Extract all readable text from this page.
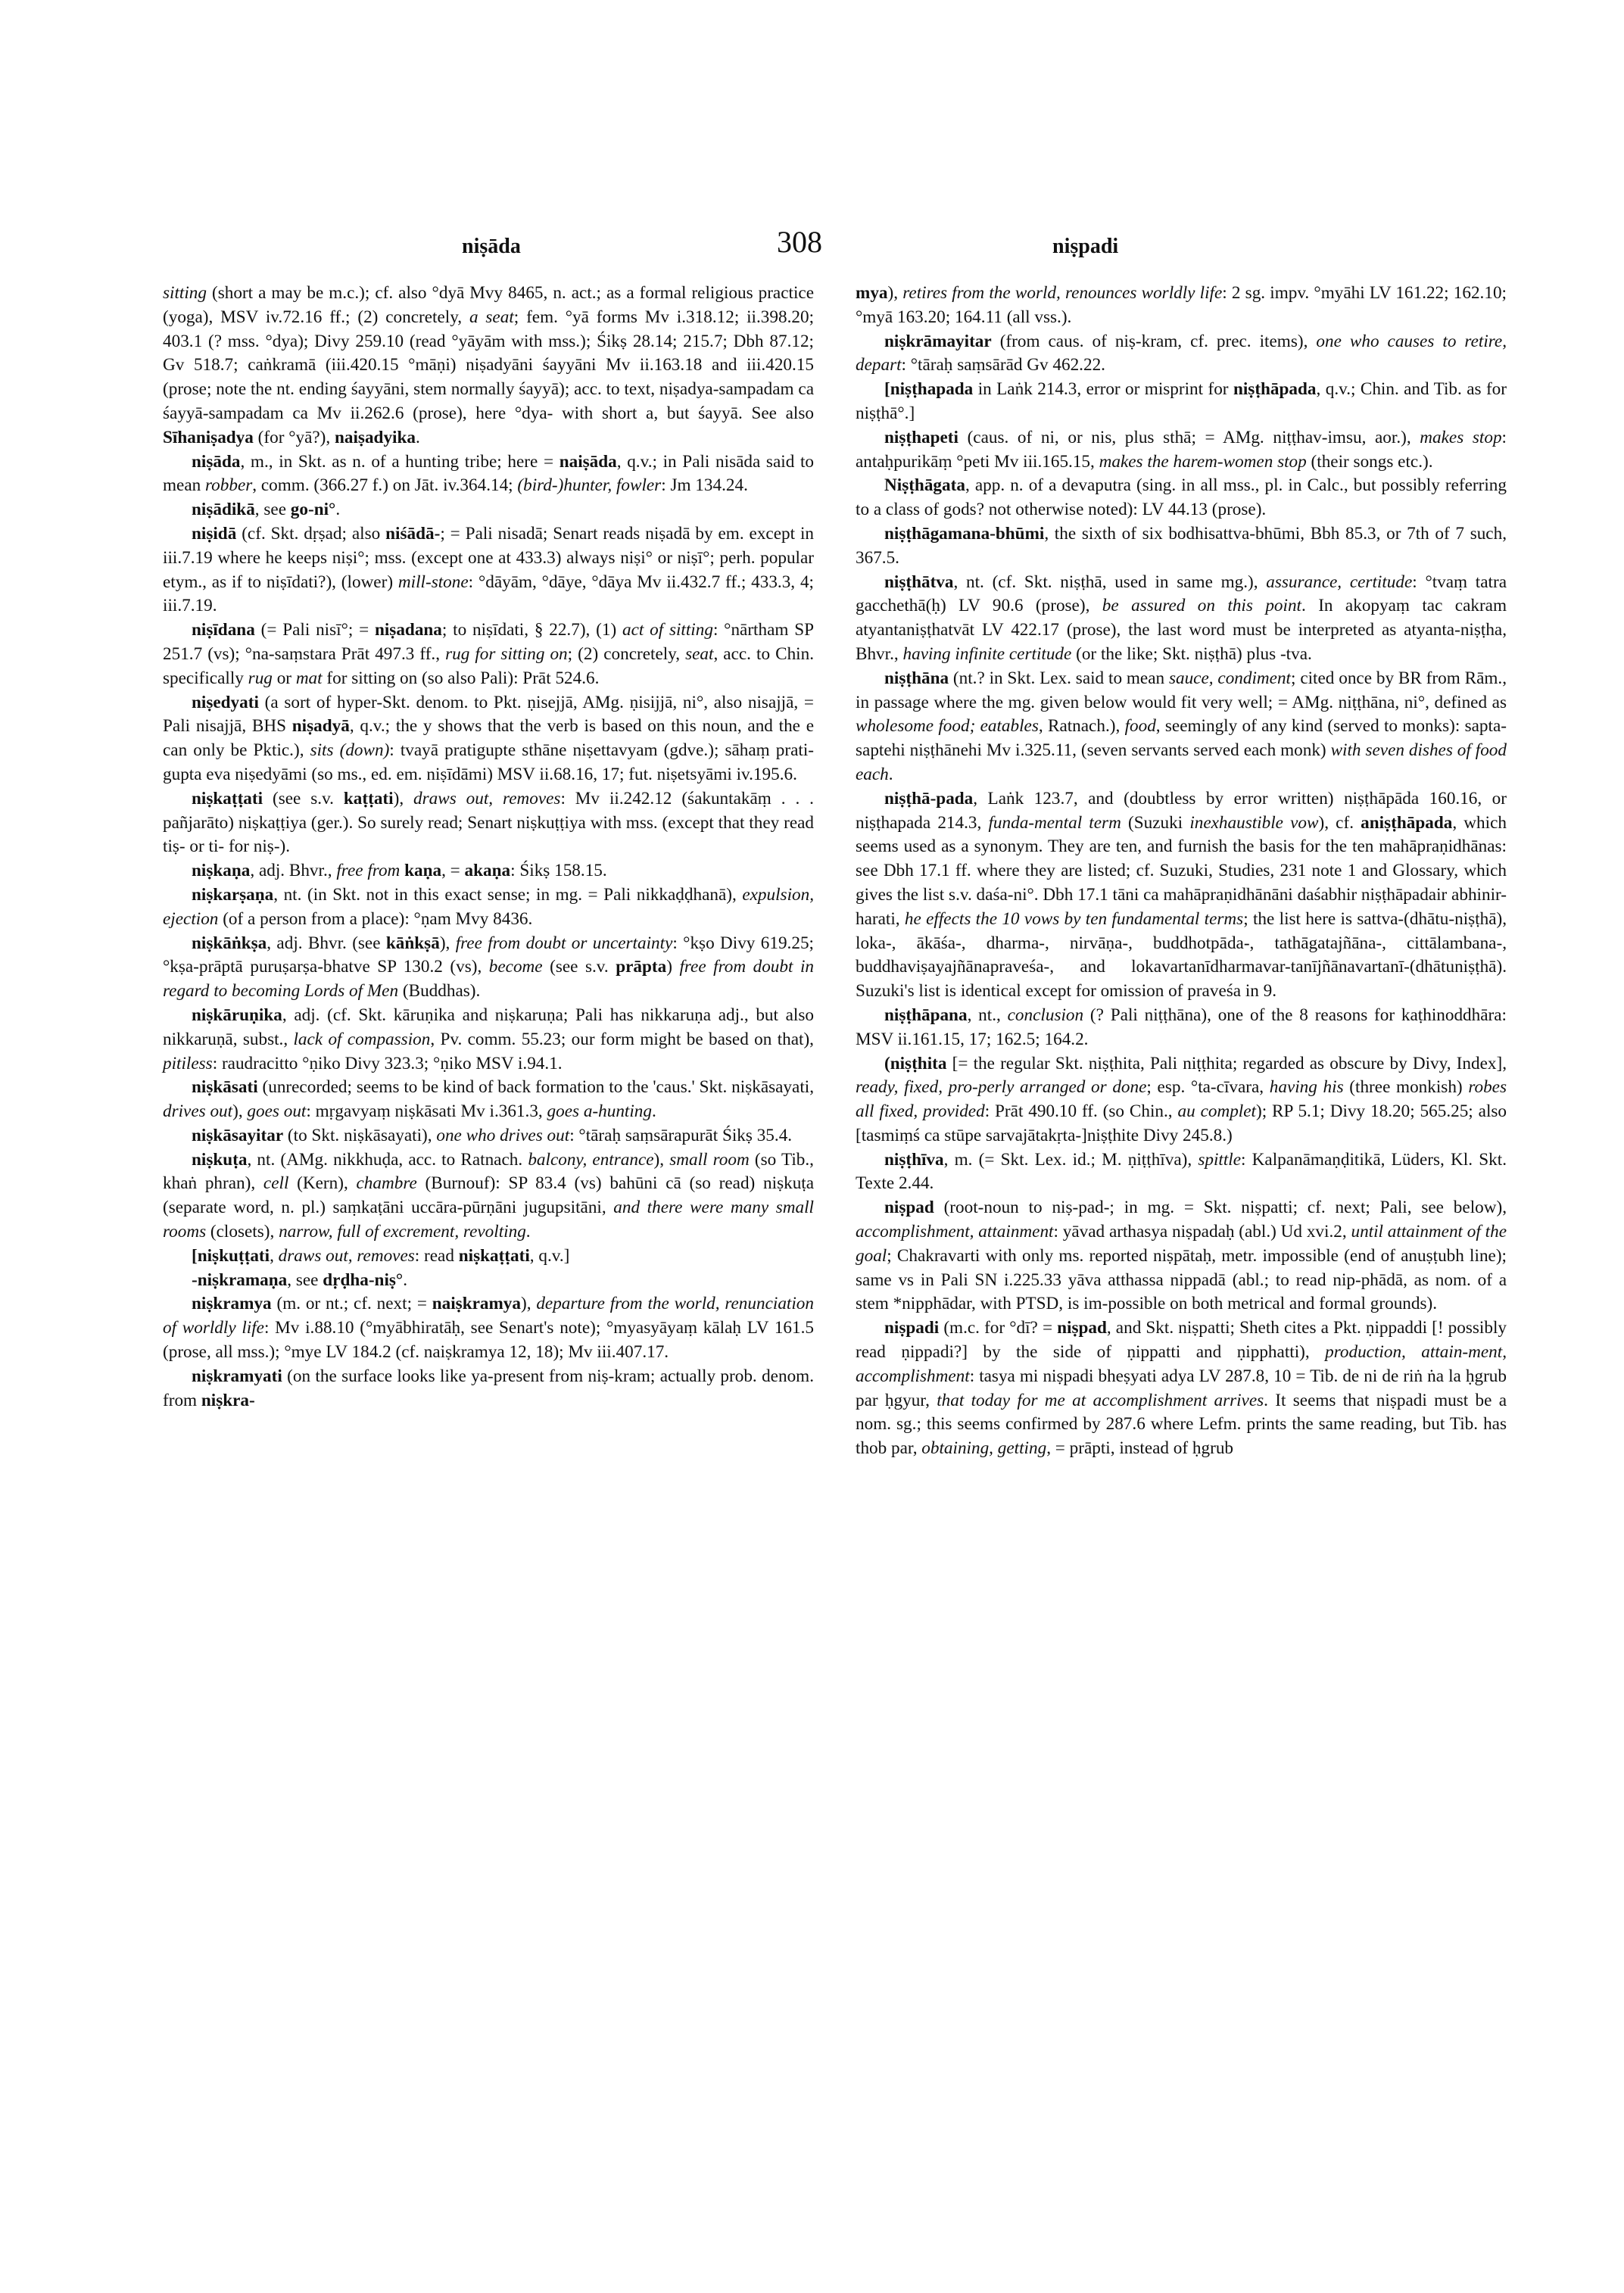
niṣāda	308	niṣpadi

sitting (short a may be m.c.); cf. also °dyā Mvy 8465, n. act.; as a formal religious practice (yoga), MSV iv.72.16 ff.; (2) concretely, a seat; fem. °yā forms Mv i.318.12; ii.398.20; 403.1 (? mss. °dya); Divy 259.10 (read °yāyām with mss.); Śikṣ 28.14; 215.7; Dbh 87.12; Gv 518.7; caṅkramā (iii.420.15 °māṇi) niṣadyāni śayyāni Mv ii.163.18 and iii.420.15 (prose; note the nt. ending śayyāni, stem normally śayyā); acc. to text, niṣadya-sampadam ca śayyā-sampadam ca Mv ii.262.6 (prose), here °dya- with short a, but śayyā. See also Sīhaniṣadya (for °yā?), naiṣadyika.

niṣāda, m., in Skt. as n. of a hunting tribe; here = naiṣāda, q.v.; in Pali nisāda said to mean robber, comm. (366.27 f.) on Jāt. iv.364.14; (bird-)hunter, fowler: Jm 134.24.

niṣādikā, see go-ni°.

niṣidā (cf. Skt. dṛṣad; also niśādā-; = Pali nisadā; Senart reads niṣadā by em. except in iii.7.19 where he keeps niṣi°; mss. (except one at 433.3) always niṣi° or niṣī°; perh. popular etym., as if to niṣīdati?), (lower) mill-stone: °dāyām, °dāye, °dāya Mv ii.432.7 ff.; 433.3, 4; iii.7.19.

niṣīdana (= Pali nisī°; = niṣadana; to niṣīdati, § 22.7), (1) act of sitting: °nārtham SP 251.7 (vs); °na-saṃstara Prāt 497.3 ff., rug for sitting on; (2) concretely, seat, acc. to Chin. specifically rug or mat for sitting on (so also Pali): Prāt 524.6.

niṣedyati (a sort of hyper-Skt. denom. to Pkt. ṇisejjā, AMg. ṇisijjā, ni°, also nisajjā, = Pali nisajjā, BHS niṣadyā, q.v.; the y shows that the verb is based on this noun, and the e can only be Pktic.), sits (down): tvayā pratigupte sthāne niṣettavyam (gdve.); sāhaṃ prati-gupta eva niṣedyāmi (so ms., ed. em. niṣīdāmi) MSV ii.68.16, 17; fut. niṣetsyāmi iv.195.6.

niṣkaṭṭati (see s.v. kaṭṭati), draws out, removes: Mv ii.242.12 (śakuntakāṃ . . . pañjarāto) niṣkaṭṭiya (ger.). So surely read; Senart niṣkuṭṭiya with mss. (except that they read tiṣ- or ti- for niṣ-).

niṣkaṇa, adj. Bhvr., free from kaṇa, = akaṇa: Śikṣ 158.15.

niṣkarṣaṇa, nt. (in Skt. not in this exact sense; in mg. = Pali nikkaḍḍhanā), expulsion, ejection (of a person from a place): °ṇam Mvy 8436.

niṣkāṅkṣa, adj. Bhvr. (see kāṅkṣā), free from doubt or uncertainty: °kṣo Divy 619.25; °kṣa-prāptā puruṣarṣa-bhatve SP 130.2 (vs), become (see s.v. prāpta) free from doubt in regard to becoming Lords of Men (Buddhas).

niṣkāruṇika, adj. (cf. Skt. kāruṇika and niṣkaruṇa; Pali has nikkaruṇa adj., but also nikkaruṇā, subst., lack of compassion, Pv. comm. 55.23; our form might be based on that), pitiless: raudracitto °ṇiko Divy 323.3; °ṇiko MSV i.94.1.

niṣkāsati (unrecorded; seems to be kind of back formation to the 'caus.' Skt. niṣkāsayati, drives out), goes out: mṛgavyaṃ niṣkāsati Mv i.361.3, goes a-hunting.

niṣkāsayitar (to Skt. niṣkāsayati), one who drives out: °tāraḥ saṃsārapurāt Śikṣ 35.4.

niṣkuṭa, nt. (AMg. nikkhuḍa, acc. to Ratnach. balcony, entrance), small room (so Tib., khaṅ phran), cell (Kern), chambre (Burnouf): SP 83.4 (vs) bahūni cā (so read) niṣkuṭa (separate word, n. pl.) saṃkaṭāni uccāra-pūrṇāni jugupsitāni, and there were many small rooms (closets), narrow, full of excrement, revolting.

[niṣkuṭṭati, draws out, removes: read niṣkaṭṭati, q.v.]

-niṣkramaṇa, see dṛḍha-niṣ°.

niṣkramya (m. or nt.; cf. next; = naiṣkramya), departure from the world, renunciation of worldly life: Mv i.88.10 (°myābhiratāḥ, see Senart's note); °myasyāyaṃ kālaḥ LV 161.5 (prose, all mss.); °mye LV 184.2 (cf. naiṣkramya 12, 18); Mv iii.407.17.

niṣkramyati (on the surface looks like ya-present from niṣ-kram; actually prob. denom. from niṣkra-

mya), retires from the world, renounces worldly life: 2 sg. impv. °myāhi LV 161.22; 162.10; °myā 163.20; 164.11 (all vss.).

niṣkrāmayitar (from caus. of niṣ-kram, cf. prec. items), one who causes to retire, depart: °tāraḥ saṃsārād Gv 462.22.

[niṣṭhapada in Laṅk 214.3, error or misprint for niṣṭhāpada, q.v.; Chin. and Tib. as for niṣṭhā°.]

niṣṭhapeti (caus. of ni, or nis, plus sthā; = AMg. niṭṭhav-imsu, aor.), makes stop: antaḥpurikāṃ °peti Mv iii.165.15, makes the harem-women stop (their songs etc.).

Niṣṭhāgata, app. n. of a devaputra (sing. in all mss., pl. in Calc., but possibly referring to a class of gods? not otherwise noted): LV 44.13 (prose).

niṣṭhāgamana-bhūmi, the sixth of six bodhisattva-bhūmi, Bbh 85.3, or 7th of 7 such, 367.5.

niṣṭhātva, nt. (cf. Skt. niṣṭhā, used in same mg.), assurance, certitude: °tvaṃ tatra gacchethā(ḥ) LV 90.6 (prose), be assured on this point. In akopyaṃ tac cakram atyantaniṣṭhatvāt LV 422.17 (prose), the last word must be interpreted as atyanta-niṣṭha, Bhvr., having infinite certitude (or the like; Skt. niṣṭhā) plus -tva.

niṣṭhāna (nt.? in Skt. Lex. said to mean sauce, condiment; cited once by BR from Rām., in passage where the mg. given below would fit very well; = AMg. niṭṭhāna, ni°, defined as wholesome food; eatables, Ratnach.), food, seemingly of any kind (served to monks): sapta-saptehi niṣṭhānehi Mv i.325.11, (seven servants served each monk) with seven dishes of food each.

niṣṭhā-pada, Laṅk 123.7, and (doubtless by error written) niṣṭhāpāda 160.16, or niṣṭhapada 214.3, funda-mental term (Suzuki inexhaustible vow), cf. aniṣṭhāpada, which seems used as a synonym. They are ten, and furnish the basis for the ten mahāpraṇidhānas: see Dbh 17.1 ff. where they are listed; cf. Suzuki, Studies, 231 note 1 and Glossary, which gives the list s.v. daśa-ni°. Dbh 17.1 tāni ca mahāpraṇidhānāni daśabhir niṣṭhāpadair abhinir-harati, he effects the 10 vows by ten fundamental terms; the list here is sattva-(dhātu-niṣṭhā), loka-, ākāśa-, dharma-, nirvāṇa-, buddhotpāda-, tathāgatajñāna-, cittālambana-, buddhaviṣayajñānapraveśa-, and lokavartanīdharmavar-tanījñānavartanī-(dhātuniṣṭhā). Suzuki's list is identical except for omission of praveśa in 9.

niṣṭhāpana, nt., conclusion (? Pali niṭṭhāna), one of the 8 reasons for kaṭhinoddhāra: MSV ii.161.15, 17; 162.5; 164.2.

(niṣṭhita [= the regular Skt. niṣṭhita, Pali niṭṭhita; regarded as obscure by Divy, Index], ready, fixed, pro-perly arranged or done; esp. °ta-cīvara, having his (three monkish) robes all fixed, provided: Prāt 490.10 ff. (so Chin., au complet); RP 5.1; Divy 18.20; 565.25; also [tasmiṃś ca stūpe sarvajātakṛta-]niṣṭhite Divy 245.8.)

niṣṭhīva, m. (= Skt. Lex. id.; M. ṇiṭṭhīva), spittle: Kalpanāmaṇḍitikā, Lüders, Kl. Skt. Texte 2.44.

niṣpad (root-noun to niṣ-pad-; in mg. = Skt. niṣpatti; cf. next; Pali, see below), accomplishment, attainment: yāvad arthasya niṣpadaḥ (abl.) Ud xvi.2, until attainment of the goal; Chakravarti with only ms. reported niṣpātaḥ, metr. impossible (end of anuṣṭubh line); same vs in Pali SN i.225.33 yāva atthassa nippadā (abl.; to read nip-phādā, as nom. of a stem *nipphādar, with PTSD, is im-possible on both metrical and formal grounds).

niṣpadi (m.c. for °dī? = niṣpad, and Skt. niṣpatti; Sheth cites a Pkt. ṇippaddi [! possibly read ṇippadi?] by the side of ṇippatti and ṇipphatti), production, attain-ment, accomplishment: tasya mi niṣpadi bheṣyati adya LV 287.8, 10 = Tib. de ni de riṅ ṅa la ḥgrub par ḥgyur, that today for me at accomplishment arrives. It seems that niṣpadi must be a nom. sg.; this seems confirmed by 287.6 where Lefm. prints the same reading, but Tib. has thob par, obtaining, getting, = prāpti, instead of ḥgrub
